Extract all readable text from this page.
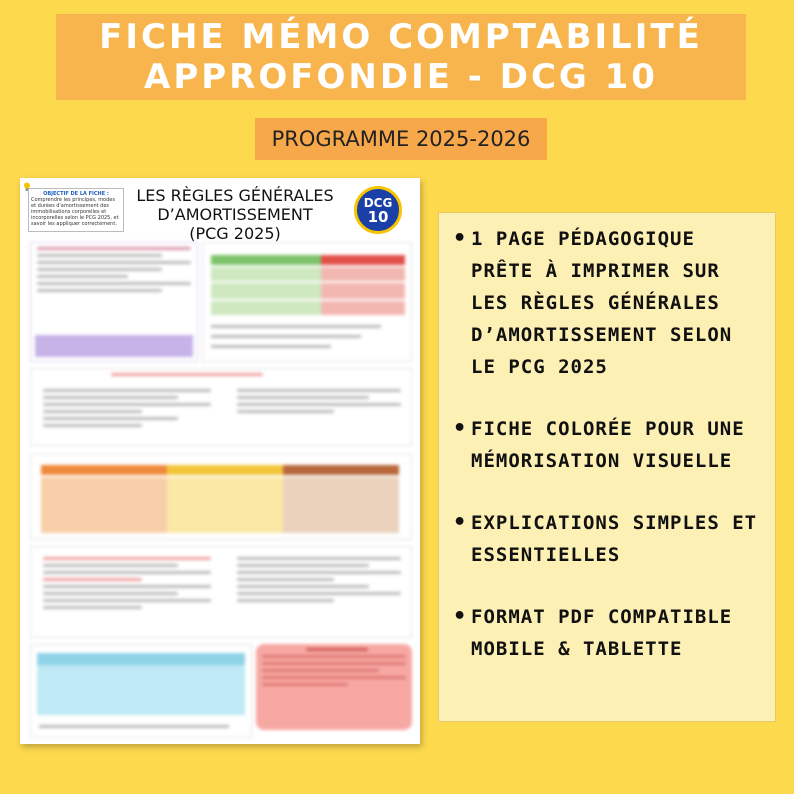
FICHE MÉMO COMPTABILITÉ
APPROFONDIE - DCG 10
PROGRAMME 2025-2026
OBJECTIF DE LA FICHE :
Comprendre les principes, modes et durées d'amortissement des immobilisations corporelles et incorporelles selon le PCG 2025, et savoir les appliquer correctement.
LES RÈGLES GÉNÉRALES
D’AMORTISSEMENT
(PCG 2025)
DCG
10
• 1 PAGE PÉDAGOGIQUE PRÊTE À IMPRIMER SUR LES RÈGLES GÉNÉRALES D’AMORTISSEMENT SELON LE PCG 2025
• FICHE COLORÉE POUR UNE MÉMORISATION VISUELLE
• EXPLICATIONS SIMPLES ET ESSENTIELLES
• FORMAT PDF COMPATIBLE MOBILE & TABLETTE
